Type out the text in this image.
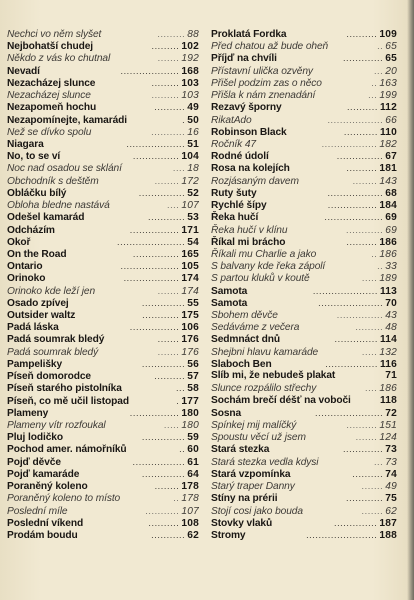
Nechci vo něm slyšet	......... 88
Nejbohatší chudej	......... 102
Někdo z vás ko chutnal	....... 192
Nevadí	................... 168
Nezacházej slunce	......... 103
Nezacházej slunce	......... 103
Nezapomeň hochu	.......... 49
Nezapomínejte, kamarádi	. 50
Než se dívko spolu	........... 16
Niagara	................... 51
No, to se ví	............... 104
Noc nad osadou se sklání	.... 18
Obchodník s deštěm	........ 172
Obláčku bílý	............... 52
Obloha bledne nastává	.... 107
Odešel kamarád	............ 53
Odcházím	................ 171
Okoř	...................... 54
On the Road	............... 165
Ontario	................... 105
Orinoko	.................. 174
Orinoko kde leží jen	....... 174
Osado zpívej	.............. 55
Outsider waltz	............ 175
Padá láska	................ 106
Padá soumrak bledý	....... 176
Padá soumrak bledý	....... 176
Pampelišky	.............. 56
Píseň domorodce	.......... 57
Píseň starého pistolníka	... 58
Píseň, co mě učil listopad	. 177
Plameny	................ 180
Plameny vítr rozfoukal	..... 180
Pluj lodičko	.............. 59
Pochod amer. námořníků	.. 60
Pojď děvče	................. 61
Pojď kamaráde	.............. 64
Poraněný koleno	........ 178
Poraněný koleno to místo	.. 178
Poslední míle	........... 107
Poslední víkend	.......... 108
Prodám boudu	........... 62
Proklatá Fordka	.......... 109
Před chatou až bude oheň	.. 65
Příjď na chvíli	............. 65
Přístavní ulička ozvěny	... 20
Přišel podzim zas o něco	.. 163
Přišla k nám znenadání	... 199
Rezavý šporny	.......... 112
RikatAdo	.................. 66
Robinson Black	........... 110
Ročník 47	.................. 182
Rodné údolí	............... 67
Rosa na kolejích	.......... 181
Rozjásaným davem	........ 143
Ruty šuty	.................. 68
Rychlé šípy	................ 184
Řeka hučí	................... 69
Řeka hučí v klínu	............ 69
Říkal mi brácho	.......... 186
Říkali mu Charlie a jako	.. 186
S balvany kde řeka zápolí	.. 33
S partou kluků v koutě	..... 189
Samota	..................... 113
Samota	..................... 70
Sbohem děvče	............... 43
Sedáváme z večera	......... 48
Sedmnáct dnů	.............. 114
Shejbni hlavu kamaráde	..... 132
Slaboch Ben	................. 116
Slíb mi, že nebudeš plakat	71
Slunce rozpálilo střechy	.... 186
Sochám brečí déšť na voboči	118
Sosna	...................... 72
Spínkej mij malíčký	.......... 151
Spoustu věcí už jsem	....... 124
Stará stezka	............. 73
Stará stezka vedla kdysi	... 73
Stará vzpomínka	.......... 74
Starý traper Danny	....... 49
Stíny na prérii	............ 75
Stojí cosi jako bouda	....... 62
Stovky vlaků	.............. 187
Stromy	....................... 188
